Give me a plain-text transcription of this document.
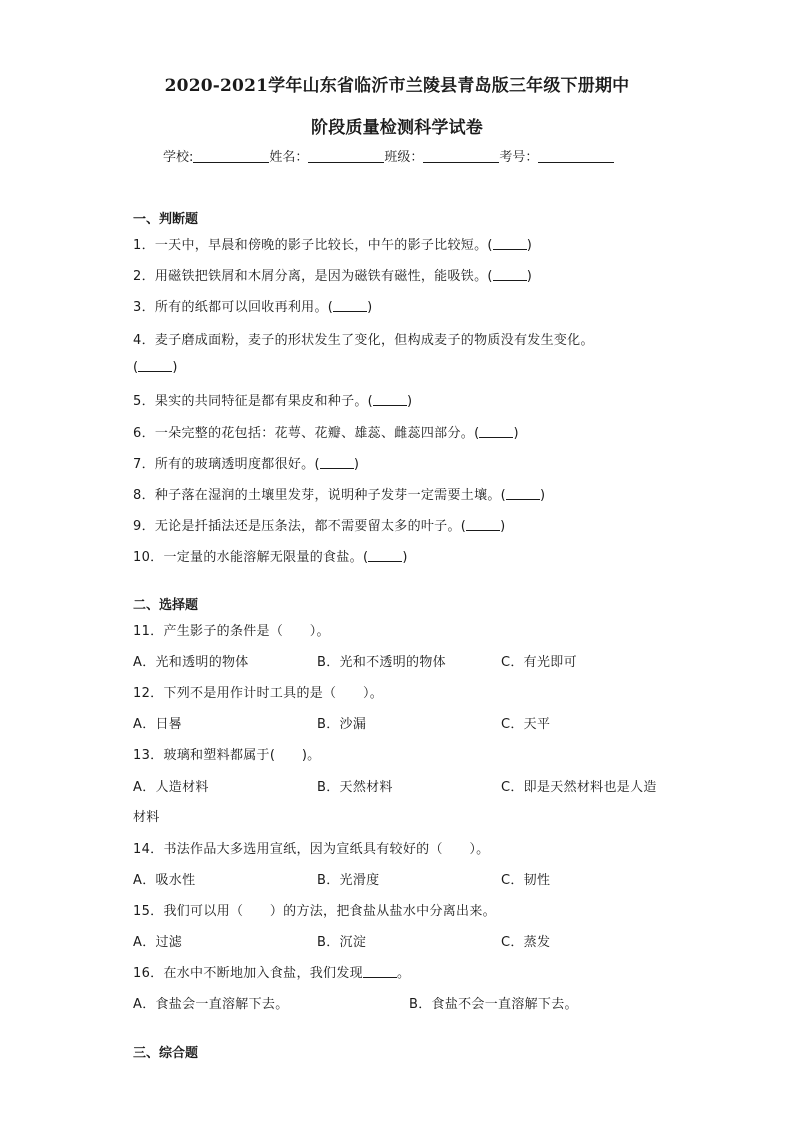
2020-2021学年山东省临沂市兰陵县青岛版三年级下册期中
阶段质量检测科学试卷
学校:	姓名：	班级：	考号：
一、判断题
1．一天中，早晨和傍晚的影子比较长，中午的影子比较短。(	)
2．用磁铁把铁屑和木屑分离，是因为磁铁有磁性，能吸铁。(	)
3．所有的纸都可以回收再利用。(	)
4．麦子磨成面粉，麦子的形状发生了变化，但构成麦子的物质没有发生变化。
(	)
5．果实的共同特征是都有果皮和种子。(	)
6．一朵完整的花包括：花萼、花瓣、雄蕊、雌蕊四部分。(	)
7．所有的玻璃透明度都很好。(	)
8．种子落在湿润的土壤里发芽，说明种子发芽一定需要土壤。(	)
9．无论是扦插法还是压条法，都不需要留太多的叶子。(	)
10．一定量的水能溶解无限量的食盐。(	)
二、选择题
11．产生影子的条件是（　　）。
A．光和透明的物体	B．光和不透明的物体	C．有光即可
12．下列不是用作计时工具的是（　　）。
A．日晷	B．沙漏	C．天平
13．玻璃和塑料都属于(　　)。
A．人造材料	B．天然材料	C．即是天然材料也是人造
材料
14．书法作品大多选用宣纸，因为宣纸具有较好的（　　）。
A．吸水性	B．光滑度	C．韧性
15．我们可以用（　　）的方法，把食盐从盐水中分离出来。
A．过滤	B．沉淀	C．蒸发
16．在水中不断地加入食盐，我们发现	。
A．食盐会一直溶解下去。	B．食盐不会一直溶解下去。
三、综合题
